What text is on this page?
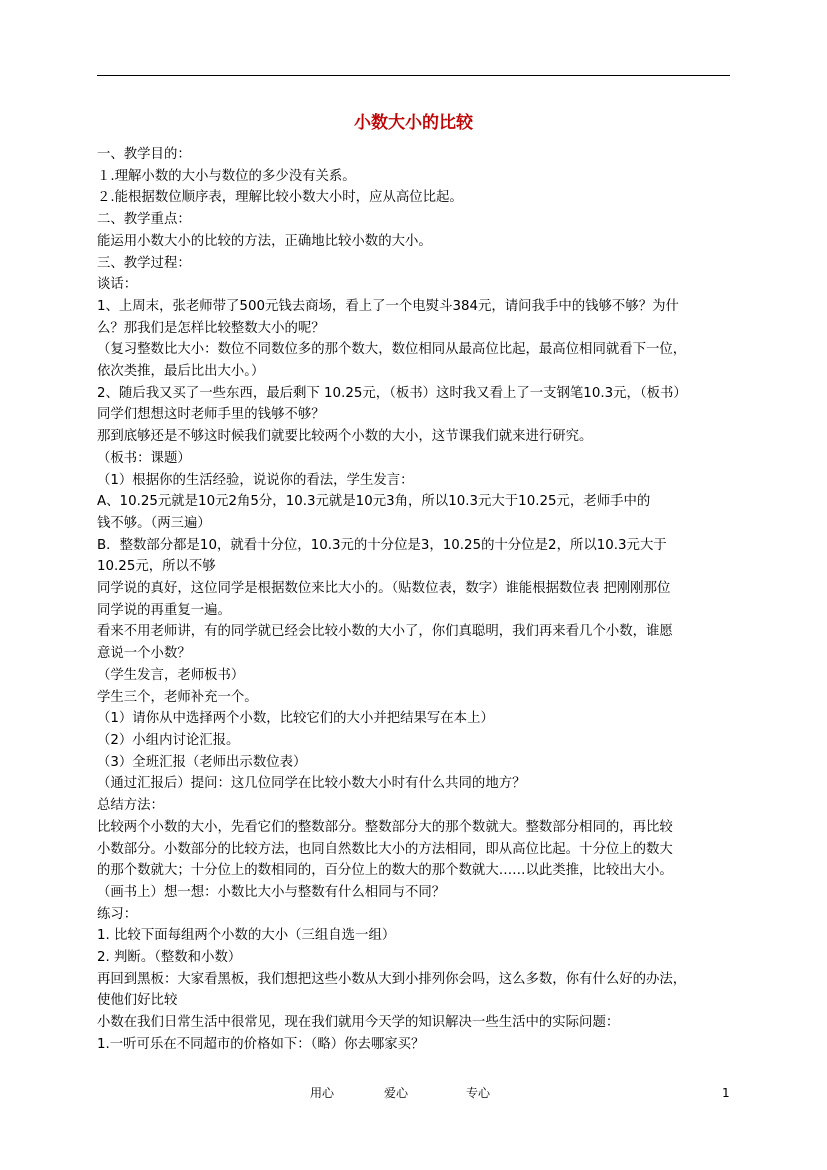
小数大小的比较

一、教学目的：

１.理解小数的大小与数位的多少没有关系。

２.能根据数位顺序表，理解比较小数大小时，应从高位比起。

二、教学重点：

能运用小数大小的比较的方法，正确地比较小数的大小。

三、教学过程：

谈话：

1、上周末，张老师带了500元钱去商场，看上了一个电熨斗384元，请问我手中的钱够不够？为什

么？那我们是怎样比较整数大小的呢？

（复习整数比大小：数位不同数位多的那个数大，数位相同从最高位比起，最高位相同就看下一位，

依次类推，最后比出大小。）

2、随后我又买了一些东西，最后剩下 10.25元，（板书）这时我又看上了一支钢笔10.3元，（板书）

同学们想想这时老师手里的钱够不够？

那到底够还是不够这时候我们就要比较两个小数的大小，这节课我们就来进行研究。

（板书：课题）

（1）根据你的生活经验，说说你的看法，学生发言：

A、10.25元就是10元2角5分，10.3元就是10元3角，所以10.3元大于10.25元，老师手中的

钱不够。（两三遍）

B．整数部分都是10，就看十分位，10.3元的十分位是3，10.25的十分位是2，所以10.3元大于

10.25元，所以不够

同学说的真好，这位同学是根据数位来比大小的。（贴数位表，数字）谁能根据数位表 把刚刚那位

同学说的再重复一遍。

看来不用老师讲，有的同学就已经会比较小数的大小了，你们真聪明，我们再来看几个小数，谁愿

意说一个小数？

（学生发言，老师板书）

学生三个，老师补充一个。

（1）请你从中选择两个小数，比较它们的大小并把结果写在本上）

（2）小组内讨论汇报。

（3）全班汇报（老师出示数位表）

（通过汇报后）提问：这几位同学在比较小数大小时有什么共同的地方？

总结方法：

比较两个小数的大小，先看它们的整数部分。整数部分大的那个数就大。整数部分相同的，再比较

小数部分。小数部分的比较方法，也同自然数比大小的方法相同，即从高位比起。十分位上的数大

的那个数就大；十分位上的数相同的，百分位上的数大的那个数就大……以此类推，比较出大小。

（画书上）想一想：小数比大小与整数有什么相同与不同？

练习：

1. 比较下面每组两个小数的大小（三组自选一组）

2. 判断。（整数和小数）

再回到黑板：大家看黑板，我们想把这些小数从大到小排列你会吗，这么多数，你有什么好的办法，

使他们好比较

小数在我们日常生活中很常见，现在我们就用今天学的知识解决一些生活中的实际问题：

1.一听可乐在不同超市的价格如下：（略）你去哪家买？

用心	爱心	专心	1
